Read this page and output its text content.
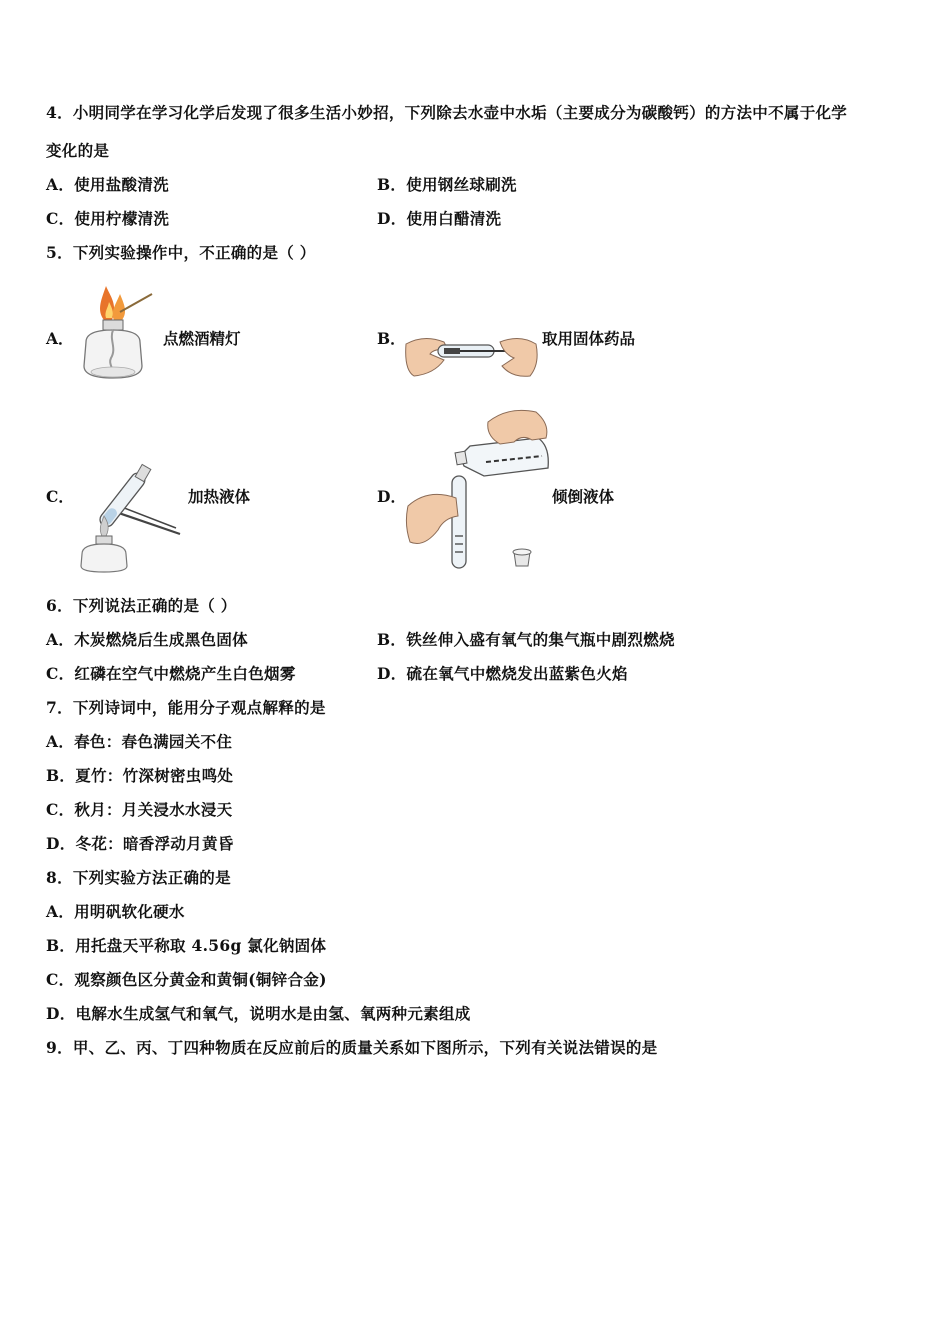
4．小明同学在学习化学后发现了很多生活小妙招，下列除去水壶中水垢（主要成分为碳酸钙）的方法中不属于化学
变化的是
A．使用盐酸清洗	B．使用钢丝球刷洗
C．使用柠檬清洗	D．使用白醋清洗
5．下列实验操作中，不正确的是（ ）
A．	点燃酒精灯	B．	取用固体药品
C．	加热液体	D．	倾倒液体
6．下列说法正确的是（ ）
A．木炭燃烧后生成黑色固体	B．铁丝伸入盛有氧气的集气瓶中剧烈燃烧
C．红磷在空气中燃烧产生白色烟雾	D．硫在氧气中燃烧发出蓝紫色火焰
7．下列诗词中，能用分子观点解释的是
A．春色：春色满园关不住
B．夏竹：竹深树密虫鸣处
C．秋月：月关浸水水浸天
D．冬花：暗香浮动月黄昏
8．下列实验方法正确的是
A．用明矾软化硬水
B．用托盘天平称取 4.56g 氯化钠固体
C．观察颜色区分黄金和黄铜(铜锌合金)
D．电解水生成氢气和氧气，说明水是由氢、氧两种元素组成
9．甲、乙、丙、丁四种物质在反应前后的质量关系如下图所示，下列有关说法错误的是
